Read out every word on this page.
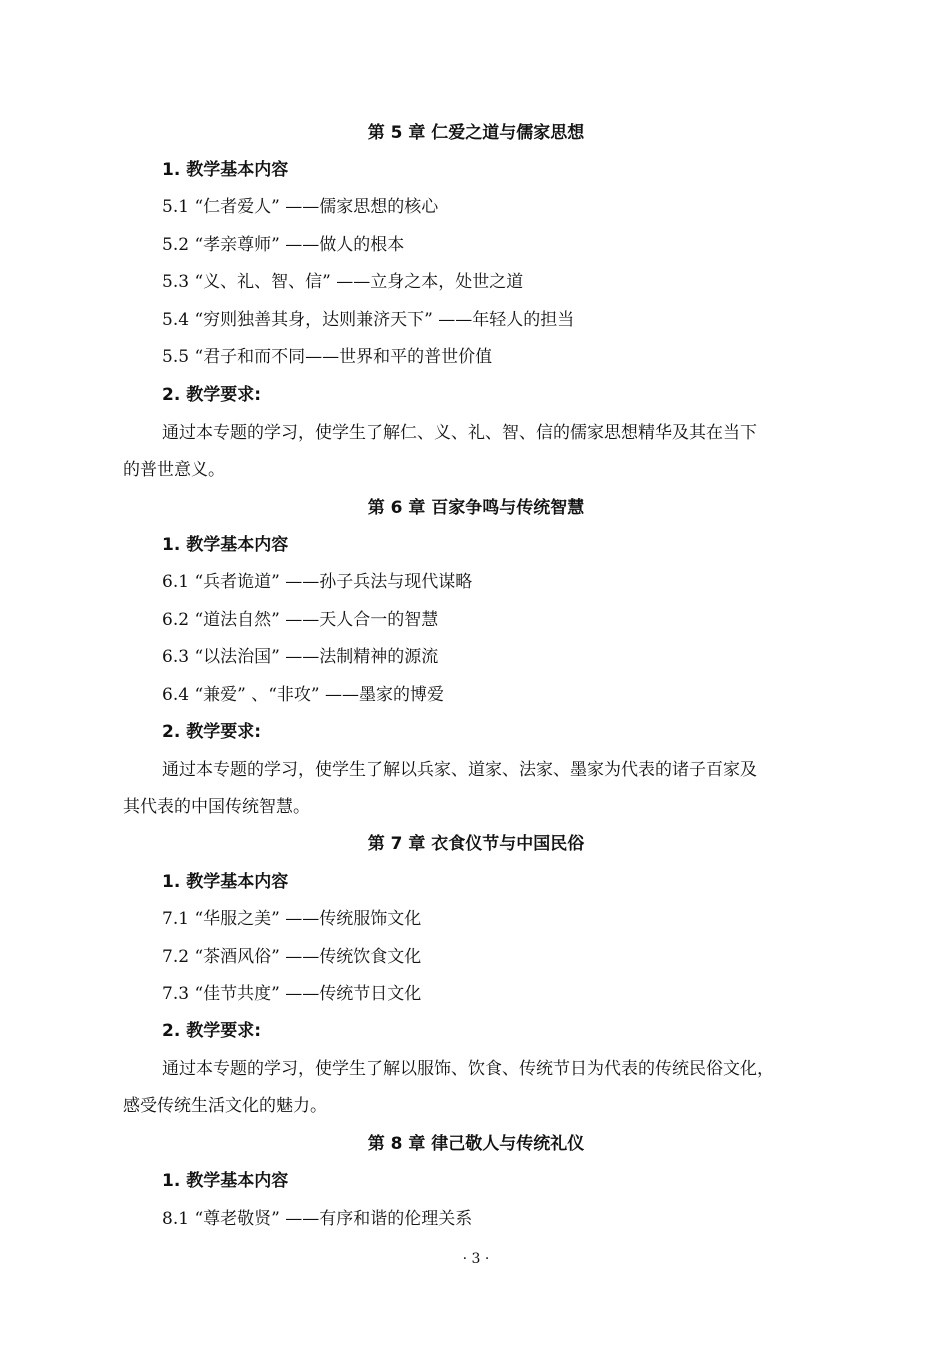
第 5 章 仁爱之道与儒家思想
1. 教学基本内容
5.1 “仁者爱人” ——儒家思想的核心
5.2 “孝亲尊师” ——做人的根本
5.3 “义、礼、智、信” ——立身之本，处世之道
5.4 “穷则独善其身，达则兼济天下” ——年轻人的担当
5.5 “君子和而不同——世界和平的普世价值
2. 教学要求:
通过本专题的学习，使学生了解仁、义、礼、智、信的儒家思想精华及其在当下
的普世意义。
第 6 章 百家争鸣与传统智慧
1. 教学基本内容
6.1 “兵者诡道” ——孙子兵法与现代谋略
6.2 “道法自然” ——天人合一的智慧
6.3 “以法治国” ——法制精神的源流
6.4 “兼爱” 、“非攻” ——墨家的博爱
2. 教学要求:
通过本专题的学习，使学生了解以兵家、道家、法家、墨家为代表的诸子百家及
其代表的中国传统智慧。
第 7 章 衣食仪节与中国民俗
1. 教学基本内容
7.1 “华服之美” ——传统服饰文化
7.2 “茶酒风俗” ——传统饮食文化
7.3 “佳节共度” ——传统节日文化
2. 教学要求:
通过本专题的学习，使学生了解以服饰、饮食、传统节日为代表的传统民俗文化，
感受传统生活文化的魅力。
第 8 章 律己敬人与传统礼仪
1. 教学基本内容
8.1 “尊老敬贤” ——有序和谐的伦理关系
· 3 ·
